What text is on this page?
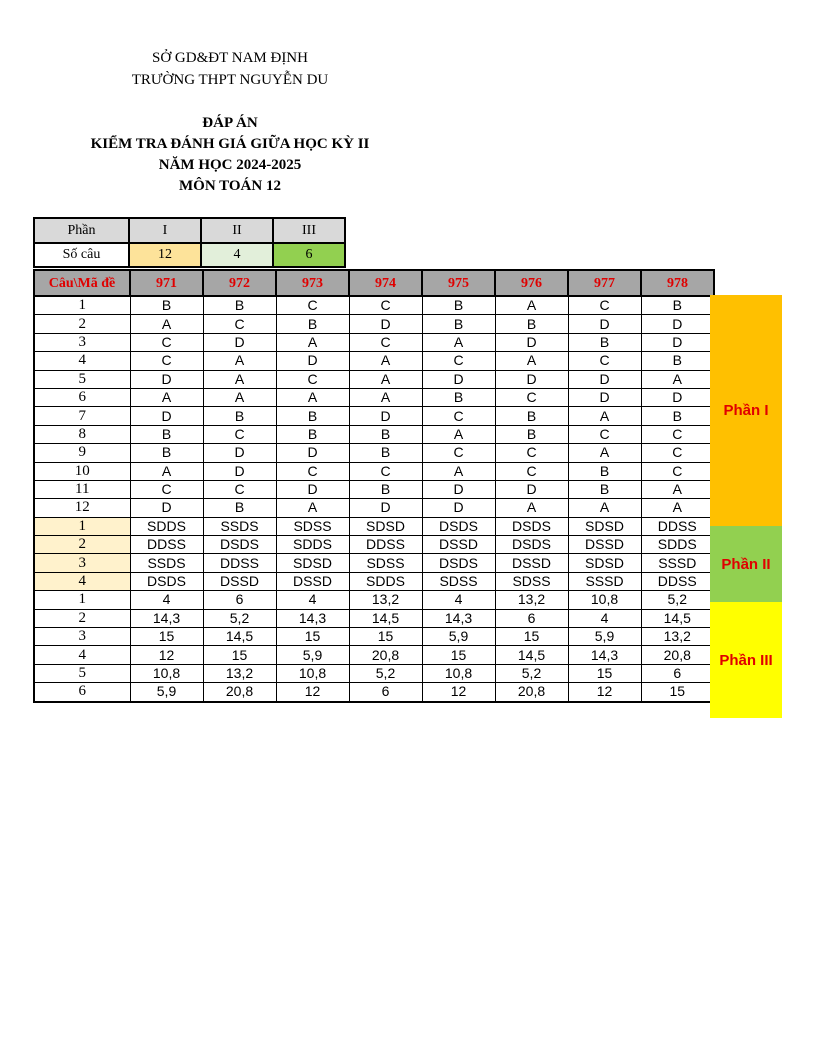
SỞ GD&ĐT NAM ĐỊNH
TRƯỜNG THPT NGUYỄN DU
ĐÁP ÁN
KIỂM TRA ĐÁNH GIÁ GIỮA HỌC KỲ II
NĂM HỌC 2024-2025
MÔN TOÁN 12
Phần	I	II	III
Số câu	12	4	6
Câu\Mã đề	971	972	973	974	975	976	977	978
1	B	B	C	C	B	A	C	B
2	A	C	B	D	B	B	D	D
3	C	D	A	C	A	D	B	D
4	C	A	D	A	C	A	C	B
5	D	A	C	A	D	D	D	A
6	A	A	A	A	B	C	D	D
7	D	B	B	D	C	B	A	B
8	B	C	B	B	A	B	C	C
9	B	D	D	B	C	C	A	C
10	A	D	C	C	A	C	B	C
11	C	C	D	B	D	D	B	A
12	D	B	A	D	D	A	A	A
1	SDDS	SSDS	SDSS	SDSD	DSDS	DSDS	SDSD	DDSS
2	DDSS	DSDS	SDDS	DDSS	DSSD	DSDS	DSSD	SDDS
3	SSDS	DDSS	SDSD	SDSS	DSDS	DSSD	SDSD	SSSD
4	DSDS	DSSD	DSSD	SDDS	SDSS	SDSS	SSSD	DDSS
1	4	6	4	13,2	4	13,2	10,8	5,2
2	14,3	5,2	14,3	14,5	14,3	6	4	14,5
3	15	14,5	15	15	5,9	15	5,9	13,2
4	12	15	5,9	20,8	15	14,5	14,3	20,8
5	10,8	13,2	10,8	5,2	10,8	5,2	15	6
6	5,9	20,8	12	6	12	20,8	12	15
Phần I
Phần II
Phần III
